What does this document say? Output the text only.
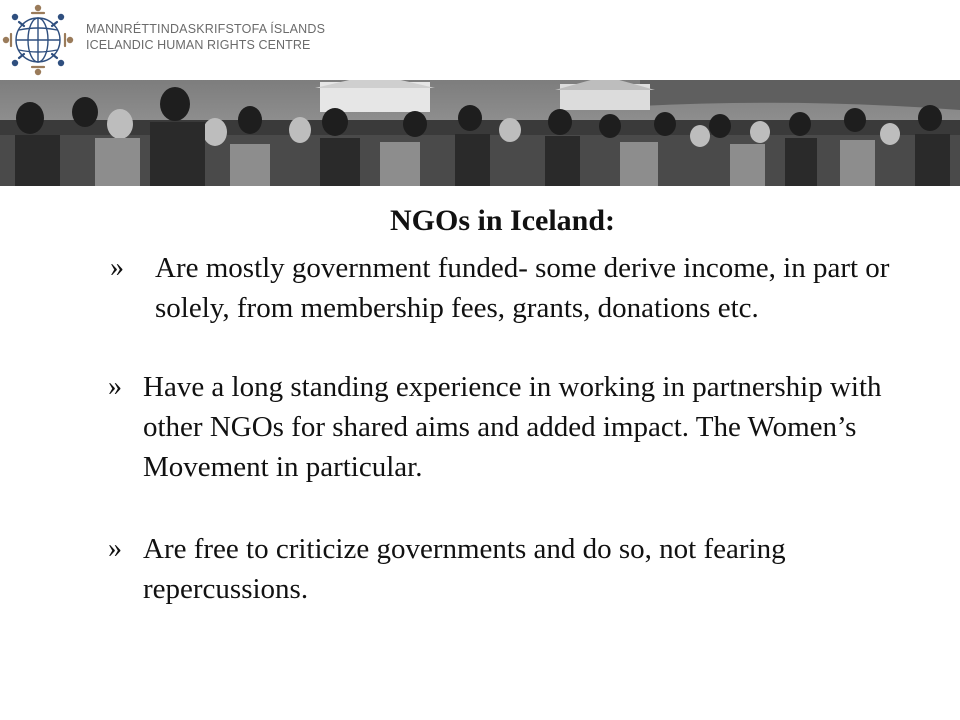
MANNRÉTTINDASKRIFSTOFA ÍSLANDS
ICELANDIC HUMAN RIGHTS CENTRE
NGOs in Iceland:
» Are mostly government funded- some derive income, in part or solely, from membership fees, grants, donations etc.
» Have a long standing experience in working in partnership with other NGOs for shared aims and added impact. The Women’s Movement in particular.
» Are free to criticize governments and do so, not fearing repercussions.
